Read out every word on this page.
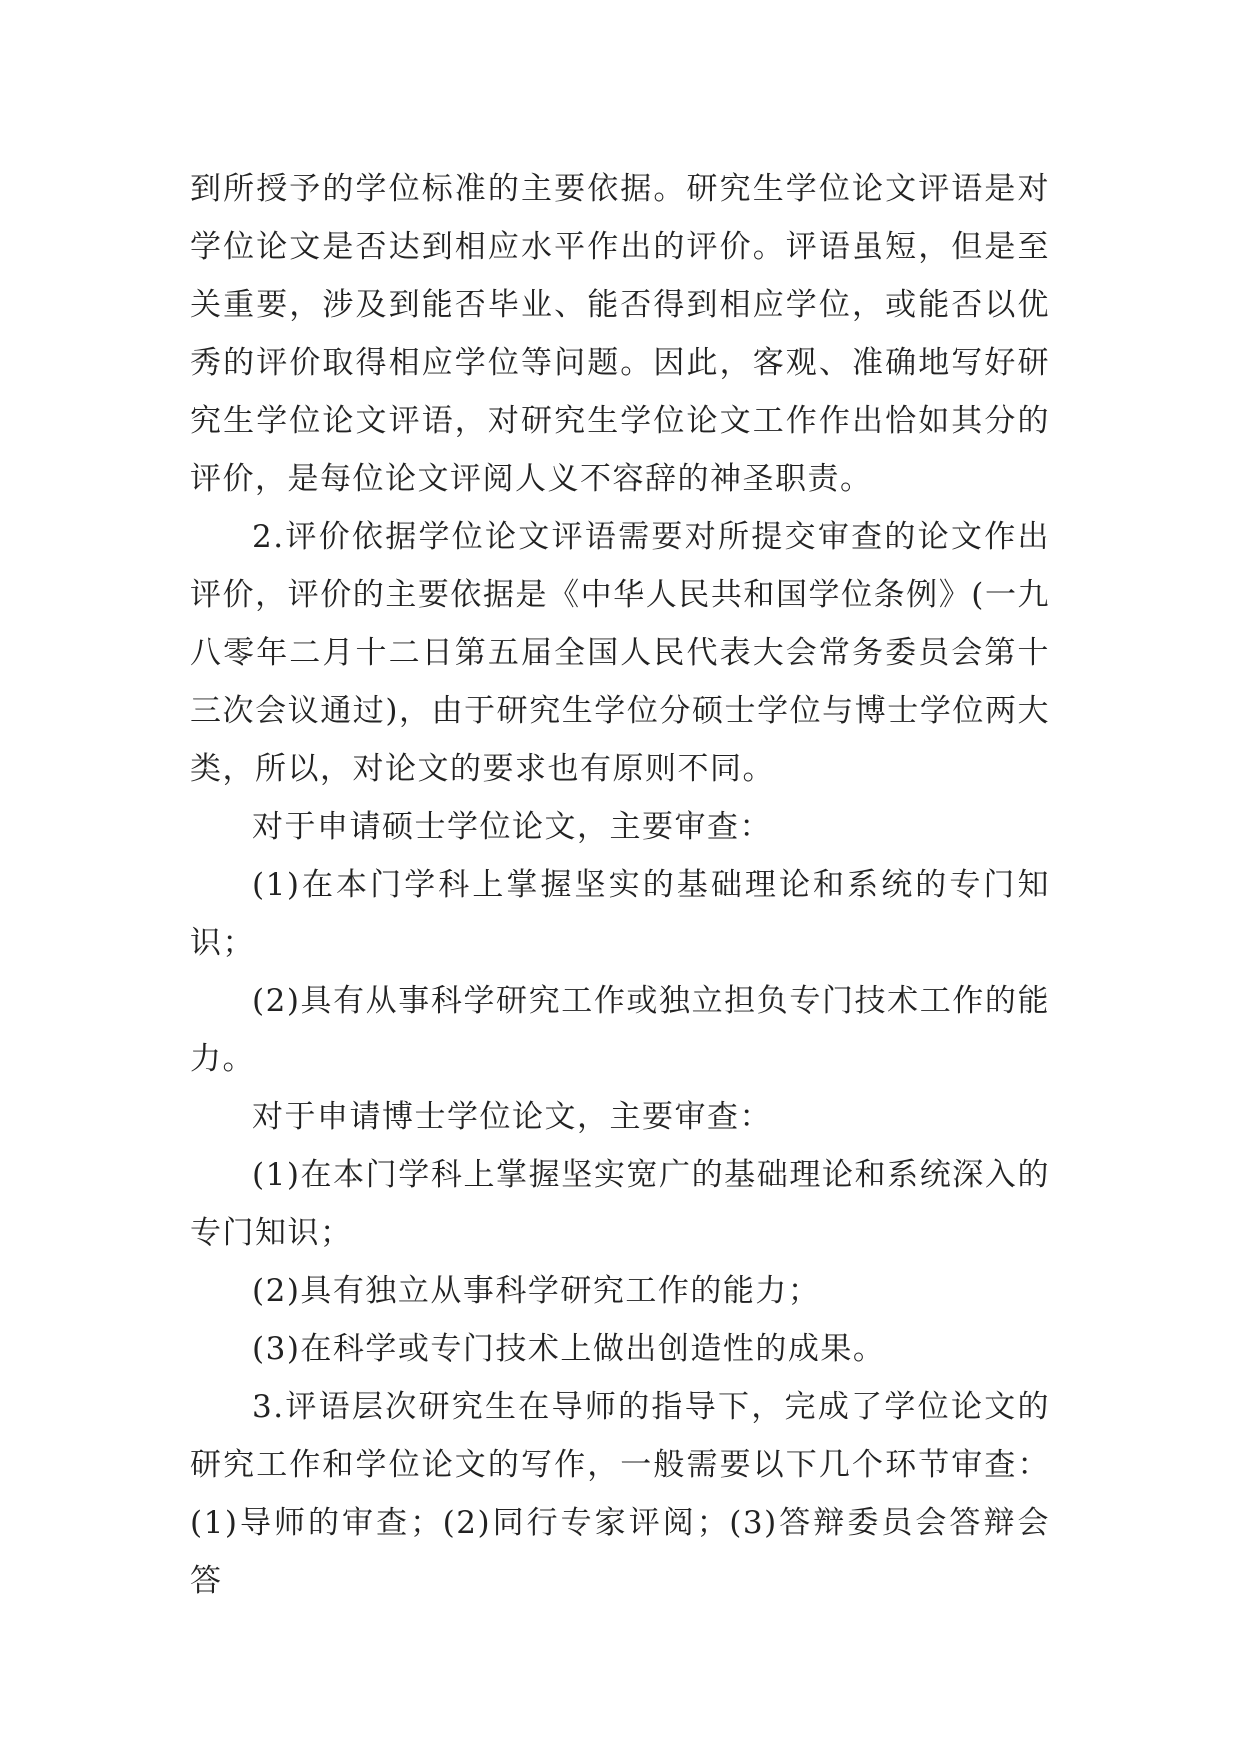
到所授予的学位标准的主要依据。研究生学位论文评语是对学位论文是否达到相应水平作出的评价。评语虽短，但是至关重要，涉及到能否毕业、能否得到相应学位，或能否以优秀的评价取得相应学位等问题。因此，客观、准确地写好研究生学位论文评语，对研究生学位论文工作作出恰如其分的评价，是每位论文评阅人义不容辞的神圣职责。

2.评价依据学位论文评语需要对所提交审查的论文作出评价，评价的主要依据是《中华人民共和国学位条例》(一九八零年二月十二日第五届全国人民代表大会常务委员会第十三次会议通过)，由于研究生学位分硕士学位与博士学位两大类，所以，对论文的要求也有原则不同。

对于申请硕士学位论文，主要审查：

(1)在本门学科上掌握坚实的基础理论和系统的专门知识；

(2)具有从事科学研究工作或独立担负专门技术工作的能力。

对于申请博士学位论文，主要审查：

(1)在本门学科上掌握坚实宽广的基础理论和系统深入的专门知识；

(2)具有独立从事科学研究工作的能力；

(3)在科学或专门技术上做出创造性的成果。

3.评语层次研究生在导师的指导下，完成了学位论文的研究工作和学位论文的写作，一般需要以下几个环节审查：(1)导师的审查；(2)同行专家评阅；(3)答辩委员会答辩会答
